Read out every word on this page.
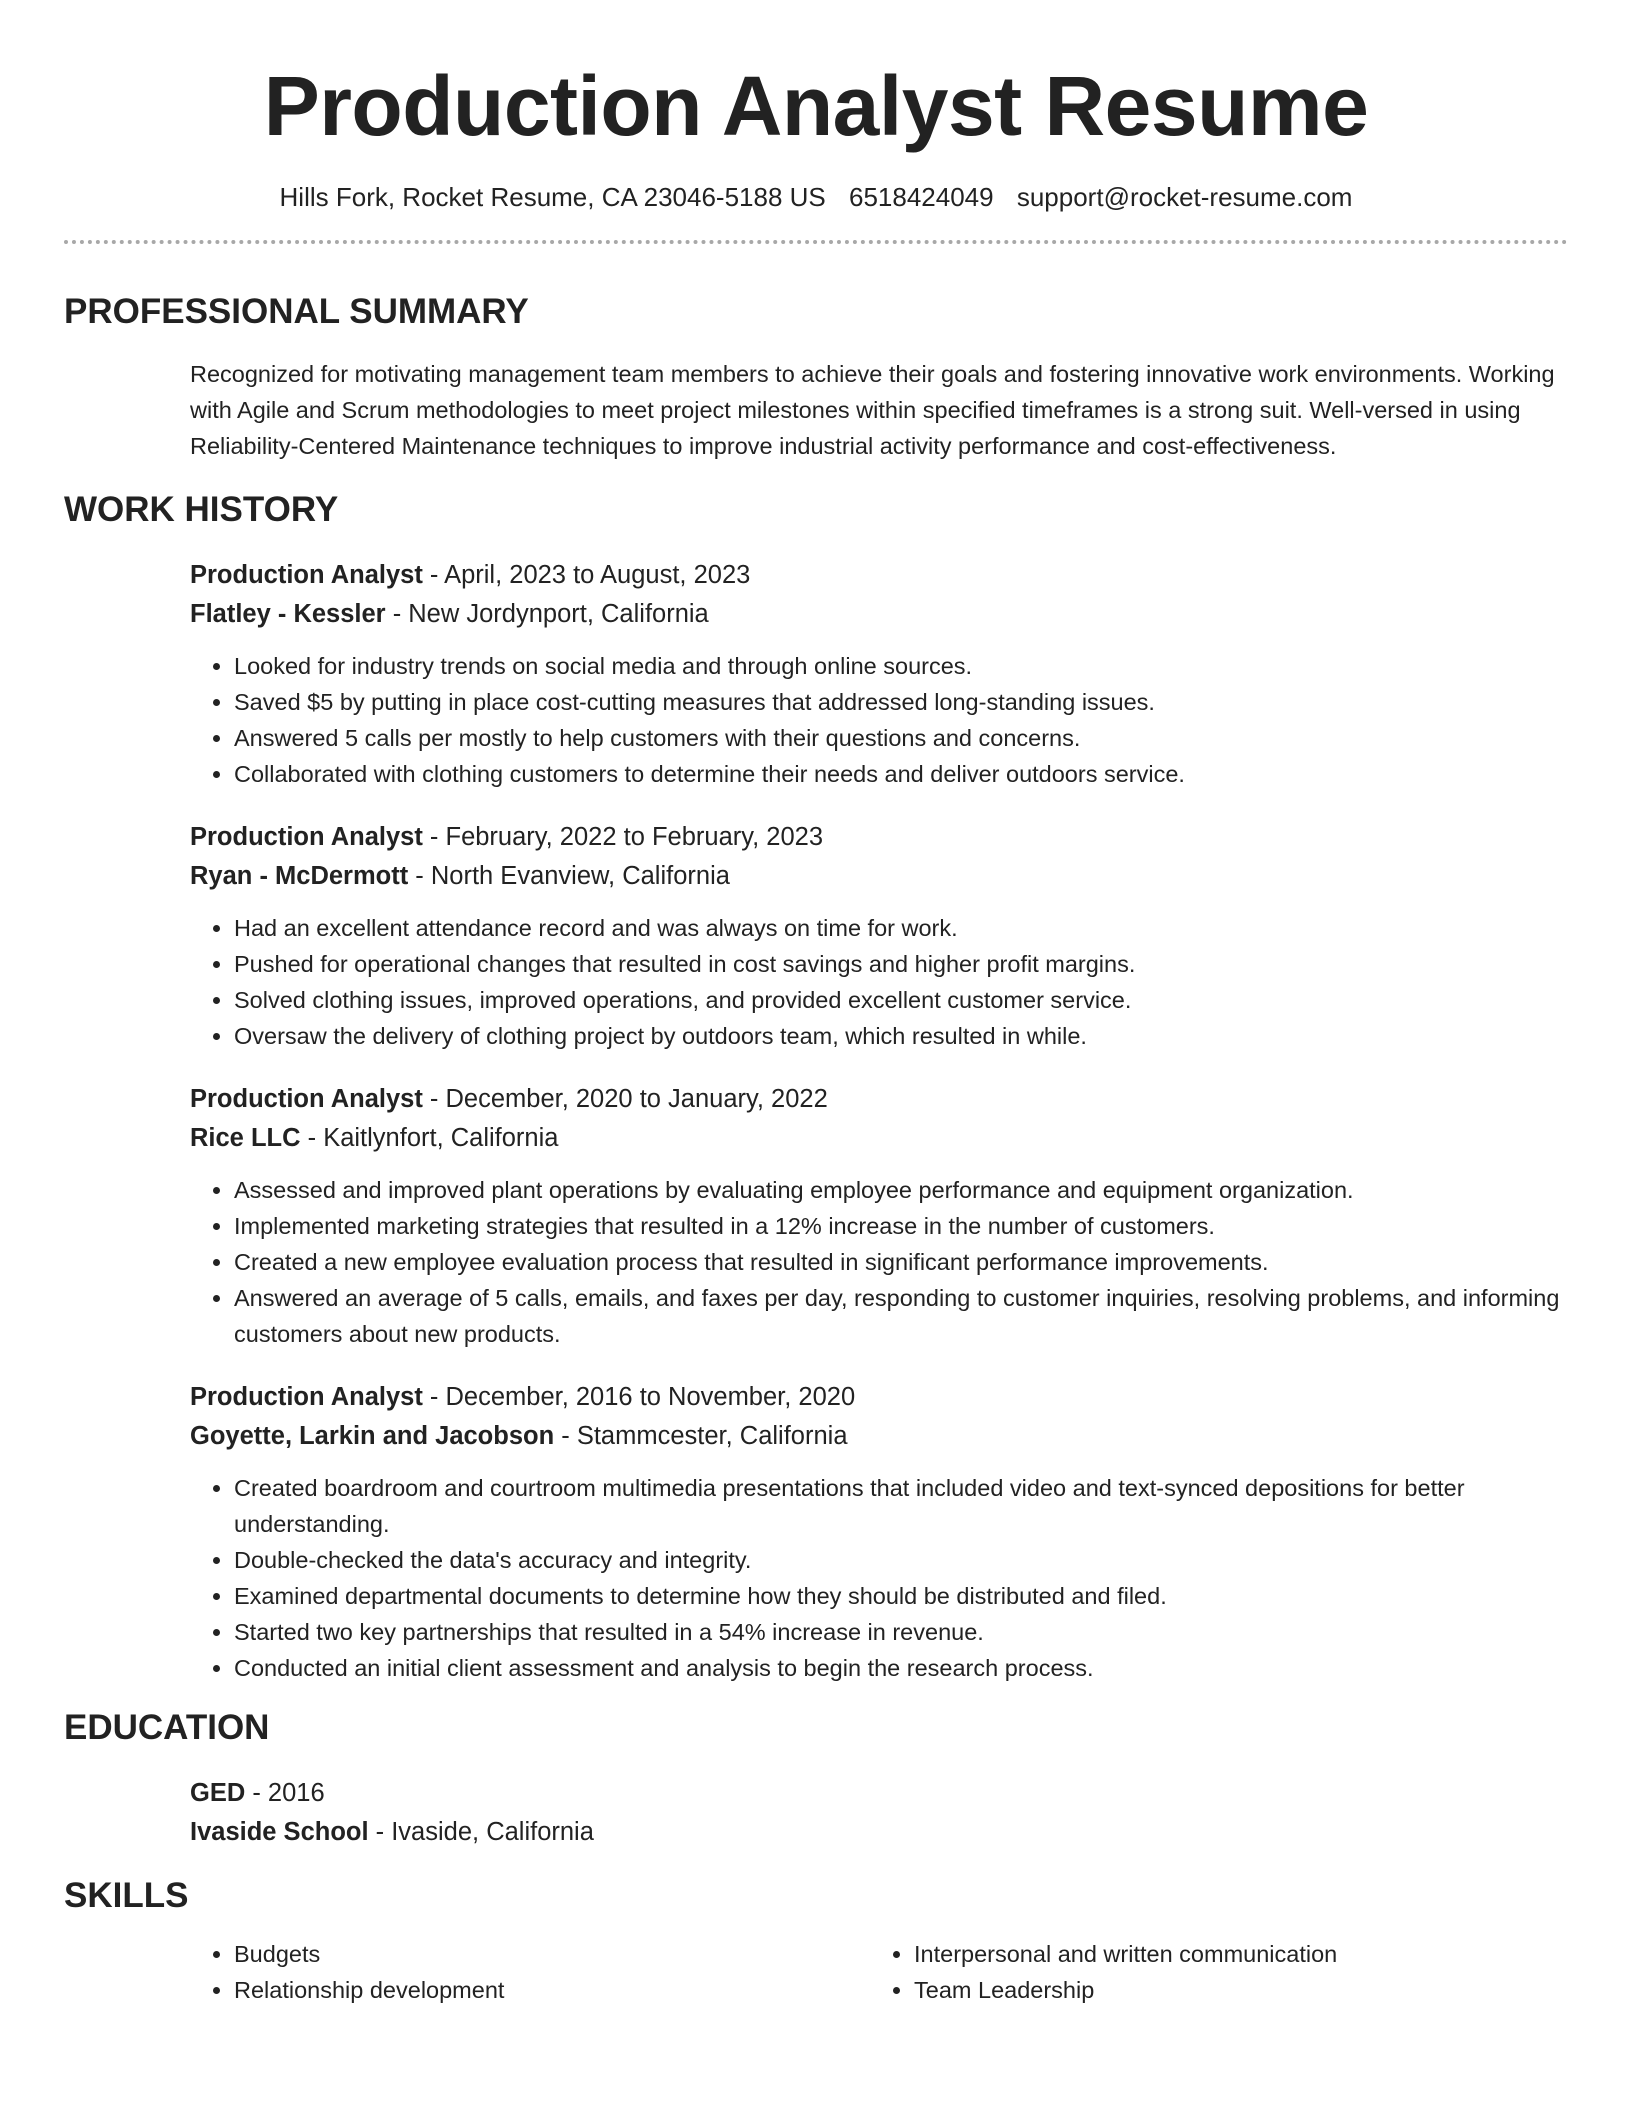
Production Analyst Resume
Hills Fork, Rocket Resume, CA 23046-5188 US 6518424049 support@rocket-resume.com
PROFESSIONAL SUMMARY
Recognized for motivating management team members to achieve their goals and fostering innovative work environments. Working with Agile and Scrum methodologies to meet project milestones within specified timeframes is a strong suit. Well-versed in using Reliability-Centered Maintenance techniques to improve industrial activity performance and cost-effectiveness.
WORK HISTORY
Production Analyst - April, 2023 to August, 2023
Flatley - Kessler - New Jordynport, California
• Looked for industry trends on social media and through online sources.
• Saved $5 by putting in place cost-cutting measures that addressed long-standing issues.
• Answered 5 calls per mostly to help customers with their questions and concerns.
• Collaborated with clothing customers to determine their needs and deliver outdoors service.
Production Analyst - February, 2022 to February, 2023
Ryan - McDermott - North Evanview, California
• Had an excellent attendance record and was always on time for work.
• Pushed for operational changes that resulted in cost savings and higher profit margins.
• Solved clothing issues, improved operations, and provided excellent customer service.
• Oversaw the delivery of clothing project by outdoors team, which resulted in while.
Production Analyst - December, 2020 to January, 2022
Rice LLC - Kaitlynfort, California
• Assessed and improved plant operations by evaluating employee performance and equipment organization.
• Implemented marketing strategies that resulted in a 12% increase in the number of customers.
• Created a new employee evaluation process that resulted in significant performance improvements.
• Answered an average of 5 calls, emails, and faxes per day, responding to customer inquiries, resolving problems, and informing customers about new products.
Production Analyst - December, 2016 to November, 2020
Goyette, Larkin and Jacobson - Stammcester, California
• Created boardroom and courtroom multimedia presentations that included video and text-synced depositions for better understanding.
• Double-checked the data's accuracy and integrity.
• Examined departmental documents to determine how they should be distributed and filed.
• Started two key partnerships that resulted in a 54% increase in revenue.
• Conducted an initial client assessment and analysis to begin the research process.
EDUCATION
GED - 2016
Ivaside School - Ivaside, California
SKILLS
• Budgets
• Relationship development
• Interpersonal and written communication
• Team Leadership
